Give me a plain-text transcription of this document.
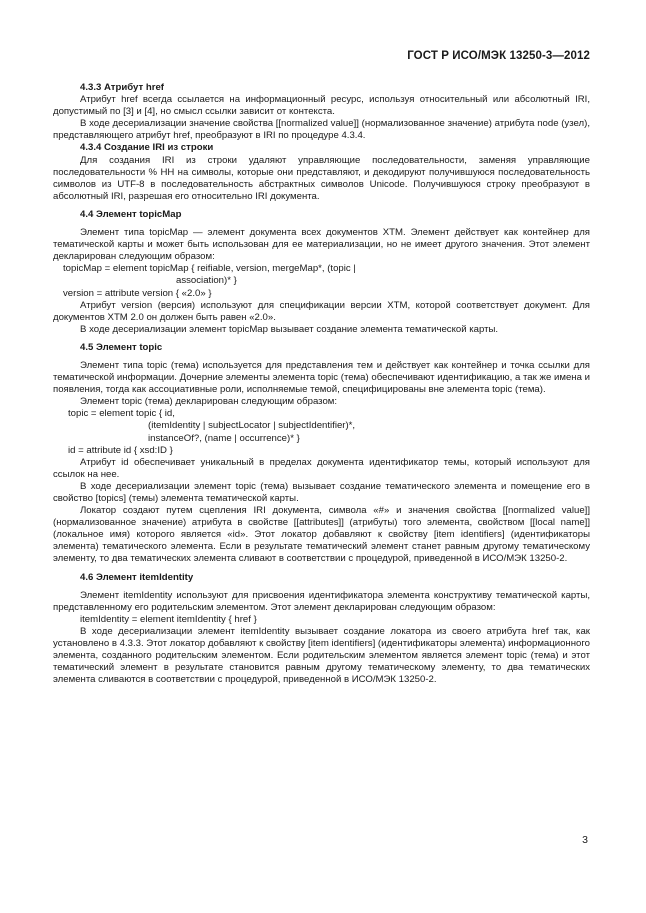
ГОСТ Р ИСО/МЭК 13250-3—2012
4.3.3 Атрибут href

Атрибут href всегда ссылается на информационный ресурс, используя относительный или абсолютный IRI, допустимый по [3] и [4], но смысл ссылки зависит от контекста.

В ходе десериализации значение свойства [[normalized value]] (нормализованное значение) атрибута node (узел), представляющего атрибут href, преобразуют в IRI по процедуре 4.3.4.

4.3.4 Создание IRI из строки

Для создания IRI из строки удаляют управляющие последовательности, заменяя управляющие последовательности % НН на символы, которые они представляют, и декодируют получившуюся последовательность символов из UTF-8 в последовательность абстрактных символов Unicode. Получившуюся строку преобразуют в абсолютный IRI, разрешая его относительно IRI документа.

4.4 Элемент topicMap

Элемент типа topicMap — элемент документа всех документов XTM. Элемент действует как контейнер для тематической карты и может быть использован для ее материализации, но не имеет другого значения. Этот элемент декларирован следующим образом:

topicMap = element topicMap { reifiable, version, mergeMap*, (topic |
association)* }
version = attribute version { «2.0» }

Атрибут version (версия) используют для спецификации версии XTM, которой соответствует документ. Для документов XTM 2.0 он должен быть равен «2.0».

В ходе десериализации элемент topicMap вызывает создание элемента тематической карты.

4.5 Элемент topic

Элемент типа topic (тема) используется для представления тем и действует как контейнер и точка ссылки для тематической информации. Дочерние элементы элемента topic (тема) обеспечивают идентификацию, а так же имена и появления, тогда как ассоциативные роли, исполняемые темой, специфицированы вне элемента topic (тема).

Элемент topic (тема) декларирован следующим образом:

topic = element topic { id,
(itemIdentity | subjectLocator | subjectIdentifier)*,
instanceOf?, (name | occurrence)* }
id = attribute id { xsd:ID }

Атрибут id обеспечивает уникальный в пределах документа идентификатор темы, который используют для ссылок на нее.

В ходе десериализации элемент topic (тема) вызывает создание тематического элемента и помещение его в свойство [topics] (темы) элемента тематической карты.

Локатор создают путем сцепления IRI документа, символа «#» и значения свойства [[normalized value]] (нормализованное значение) атрибута в свойстве [[attributes]] (атрибуты) того элемента, свойством [[local name]] (локальное имя) которого является «id». Этот локатор добавляют к свойству [item identifiers] (идентификаторы элемента) тематического элемента. Если в результате тематический элемент станет равным другому тематическому элементу, то два тематических элемента сливают в соответствии с процедурой, приведенной в ИСО/МЭК 13250-2.

4.6 Элемент itemIdentity

Элемент itemIdentity используют для присвоения идентификатора элемента конструктиву тематической карты, представленному его родительским элементом. Этот элемент декларирован следующим образом:

itemIdentity = element itemIdentity { href }

В ходе десериализации элемент itemIdentity вызывает создание локатора из своего атрибута href так, как установлено в 4.3.3. Этот локатор добавляют к свойству [item identifiers] (идентификаторы элемента) информационного элемента, созданного родительским элементом. Если родительским элементом является элемент topic (тема) и этот тематический элемент в результате становится равным другому тематическому элементу, то два тематических элемента сливаются в соответствии с процедурой, приведенной в ИСО/МЭК 13250-2.

3
